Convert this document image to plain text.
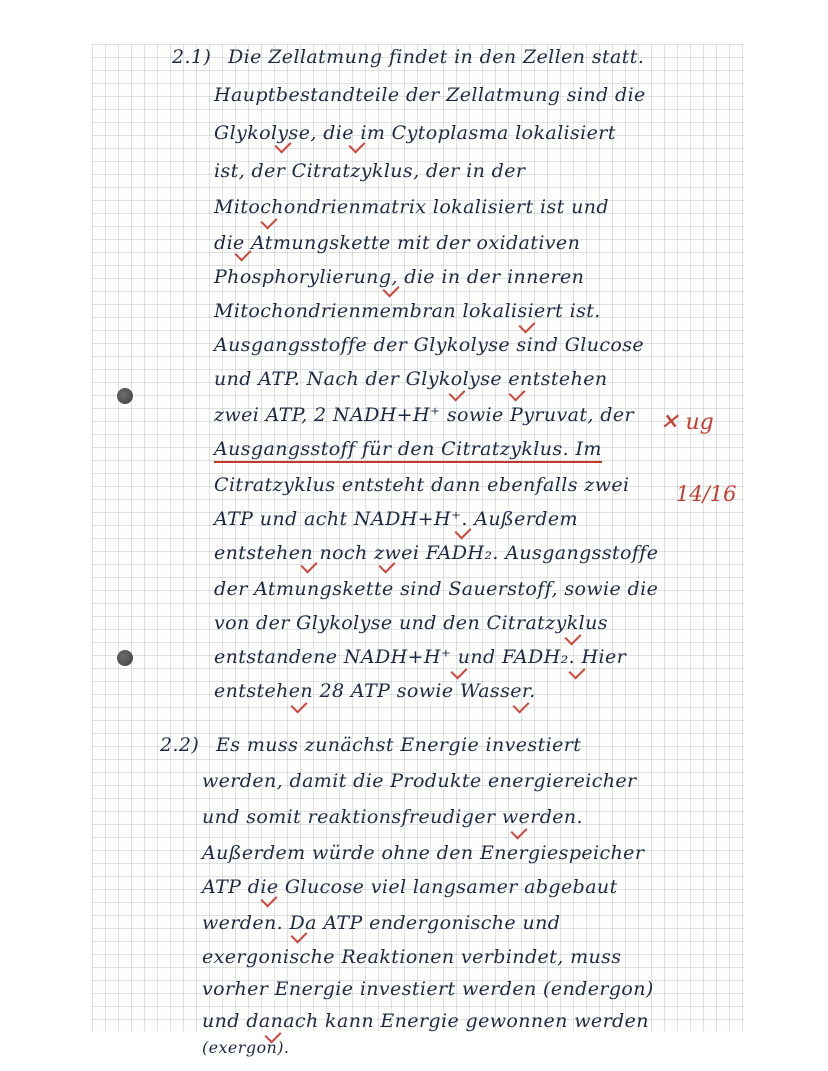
2.1) Die Zellatmung findet in den Zellen statt.
Hauptbestandteile der Zellatmung sind die
Glykolyse, die im Cytoplasma lokalisiert
ist, der Citratzyklus, der in der
Mitochondrienmatrix lokalisiert ist und
die Atmungskette mit der oxidativen
Phosphorylierung, die in der inneren
Mitochondrienmembran lokalisiert ist.
Ausgangsstoffe der Glykolyse sind Glucose
und ATP. Nach der Glykolyse entstehen
zwei ATP, 2 NADH+H⁺ sowie Pyruvat, der
Ausgangsstoff für den Citratzyklus. Im
Citratzyklus entsteht dann ebenfalls zwei
ATP und acht NADH+H⁺. Außerdem
entstehen noch zwei FADH₂. Ausgangsstoffe
der Atmungskette sind Sauerstoff, sowie die
von der Glykolyse und den Citratzyklus
entstandene NADH+H⁺ und FADH₂. Hier
entstehen 28 ATP sowie Wasser.
2.2) Es muss zunächst Energie investiert
werden, damit die Produkte energiereicher
und somit reaktionsfreudiger werden.
Außerdem würde ohne den Energiespeicher
ATP die Glucose viel langsamer abgebaut
werden. Da ATP endergonische und
exergonische Reaktionen verbindet, muss
vorher Energie investiert werden (endergon)
und danach kann Energie gewonnen werden
(exergon).
✕ ug
14/16
